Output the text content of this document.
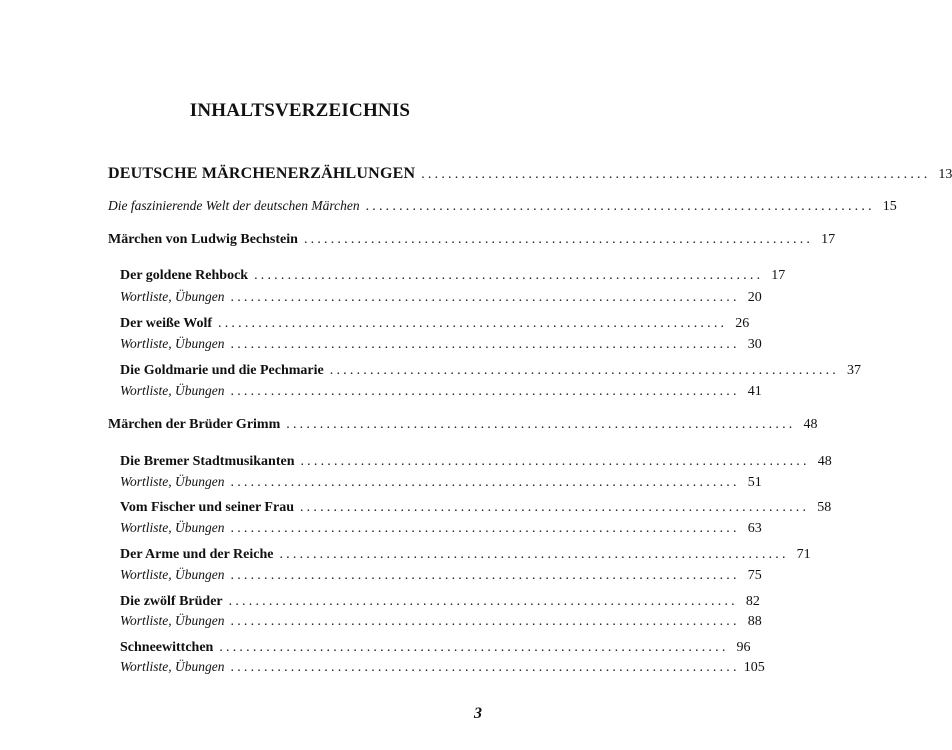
INHALTSVERZEICHNIS
DEUTSCHE MÄRCHENERZÄHLUNGEN ............................................................................ 13
Die faszinierende Welt der deutschen Märchen ............................................................................ 15
Märchen von Ludwig Bechstein ............................................................................ 17
Der goldene Rehbock ............................................................................ 17
Wortliste, Übungen ............................................................................ 20
Der weiße Wolf ............................................................................ 26
Wortliste, Übungen ............................................................................ 30
Die Goldmarie und die Pechmarie ............................................................................ 37
Wortliste, Übungen ............................................................................ 41
Märchen der Brüder Grimm ............................................................................ 48
Die Bremer Stadtmusikanten ............................................................................ 48
Wortliste, Übungen ............................................................................ 51
Vom Fischer und seiner Frau ............................................................................ 58
Wortliste, Übungen ............................................................................ 63
Der Arme und der Reiche ............................................................................ 71
Wortliste, Übungen ............................................................................ 75
Die zwölf Brüder ............................................................................ 82
Wortliste, Übungen ............................................................................ 88
Schneewittchen ............................................................................ 96
Wortliste, Übungen ............................................................................ 105
3
